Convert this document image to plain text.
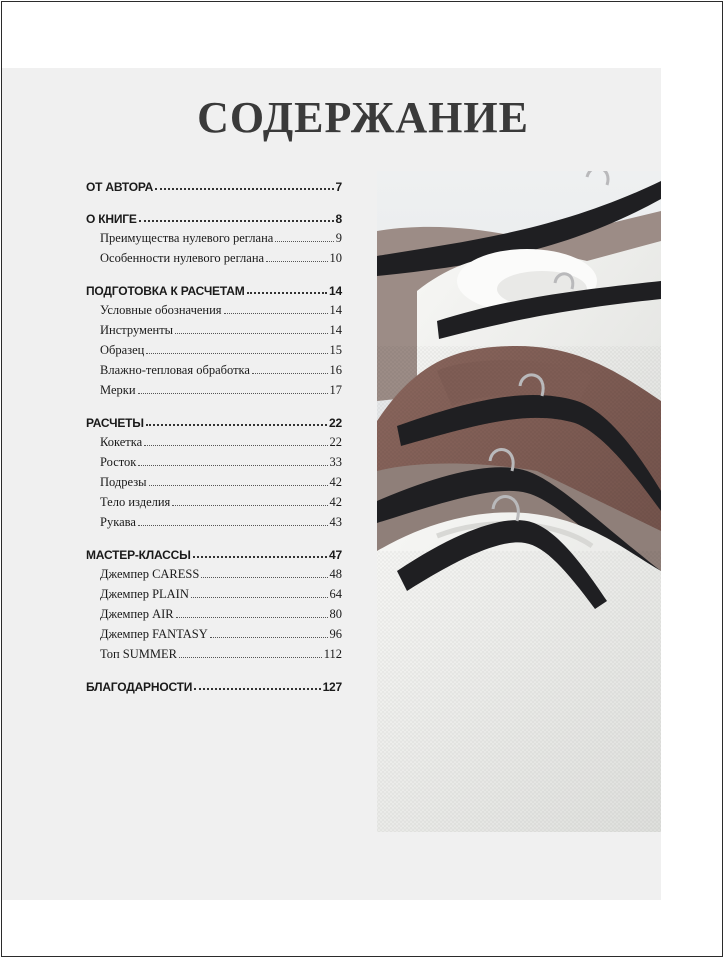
СОДЕРЖАНИЕ
ОТ АВТОРА	7
О КНИГЕ	8
Преимущества нулевого реглана	9
Особенности нулевого реглана	10
ПОДГОТОВКА К РАСЧЕТАМ	14
Условные обозначения	14
Инструменты	14
Образец	15
Влажно-тепловая обработка	16
Мерки	17
РАСЧЕТЫ	22
Кокетка	22
Росток	33
Подрезы	42
Тело изделия	42
Рукава	43
МАСТЕР-КЛАССЫ	47
Джемпер CARESS	48
Джемпер PLAIN	64
Джемпер AIR	80
Джемпер FANTASY	96
Топ SUMMER	112
БЛАГОДАРНОСТИ	127
